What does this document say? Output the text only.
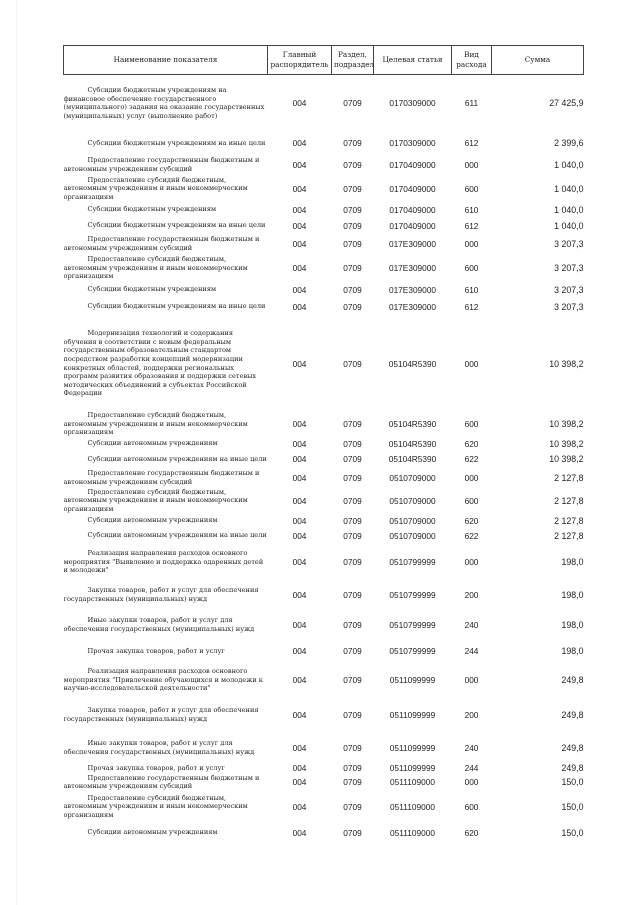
Наименование показателя	Главный распорядитель	Раздел, подраздел	Целевая статья	Вид расхода	Сумма
Субсидии бюджетным учреждениям на финансовое обеспечение государственного (муниципального) задания на оказание государственных (муниципальных) услуг (выполнение работ)	004	0709	0170309000	611	27 425,9
Субсидии бюджетным учреждениям на иные цели	004	0709	0170309000	612	2 399,6
Предоставление государственным бюджетным и автономным учреждениям субсидий	004	0709	0170409000	000	1 040,0
Предоставление субсидий бюджетным, автономным учреждениям и иным некоммерческим организациям	004	0709	0170409000	600	1 040,0
Субсидии бюджетным учреждениям	004	0709	0170409000	610	1 040,0
Субсидии бюджетным учреждениям на иные цели	004	0709	0170409000	612	1 040,0
Предоставление государственным бюджетным и автономным учреждениям субсидий	004	0709	017E309000	000	3 207,3
Предоставление субсидий бюджетным, автономным учреждениям и иным некоммерческим организациям	004	0709	017E309000	600	3 207,3
Субсидии бюджетным учреждениям	004	0709	017E309000	610	3 207,3
Субсидии бюджетным учреждениям на иные цели	004	0709	017E309000	612	3 207,3
Модернизация технологий и содержания обучения в соответствии с новым федеральным государственным образовательным стандартом посредством разработки концепций модернизации конкретных областей, поддержки региональных программ развития образования и поддержки сетевых методических объединений в субъектах Российской Федерации	004	0709	05104R5390	000	10 398,2
Предоставление субсидий бюджетным, автономным учреждениям и иным некоммерческим организациям	004	0709	05104R5390	600	10 398,2
Субсидии автономным учреждениям	004	0709	05104R5390	620	10 398,2
Субсидии автономным учреждениям на иные цели	004	0709	05104R5390	622	10 398,2
Предоставление государственным бюджетным и автономным учреждениям субсидий	004	0709	0510709000	000	2 127,8
Предоставление субсидий бюджетным, автономным учреждениям и иным некоммерческим организациям	004	0709	0510709000	600	2 127,8
Субсидии автономным учреждениям	004	0709	0510709000	620	2 127,8
Субсидии автономным учреждениям на иные цели	004	0709	0510709000	622	2 127,8
Реализация направления расходов основного мероприятия "Выявление и поддержка одаренных детей и молодежи"	004	0709	0510799999	000	198,0
Закупка товаров, работ и услуг для обеспечения государственных (муниципальных) нужд	004	0709	0510799999	200	198,0
Иные закупки товаров, работ и услуг для обеспечения государственных (муниципальных) нужд	004	0709	0510799999	240	198,0
Прочая закупка товаров, работ и услуг	004	0709	0510799999	244	198,0
Реализация направления расходов основного мероприятия "Привлечение обучающихся и молодежи к научно-исследовательской деятельности"	004	0709	0511099999	000	249,8
Закупка товаров, работ и услуг для обеспечения государственных (муниципальных) нужд	004	0709	0511099999	200	249,8
Иные закупки товаров, работ и услуг для обеспечения государственных (муниципальных) нужд	004	0709	0511099999	240	249,8
Прочая закупка товаров, работ и услуг	004	0709	0511099999	244	249,8
Предоставление государственным бюджетным и автономным учреждениям субсидий	004	0709	0511109000	000	150,0
Предоставление субсидий бюджетным, автономным учреждениям и иным некоммерческим организациям	004	0709	0511109000	600	150,0
Субсидии автономным учреждениям	004	0709	0511109000	620	150,0
